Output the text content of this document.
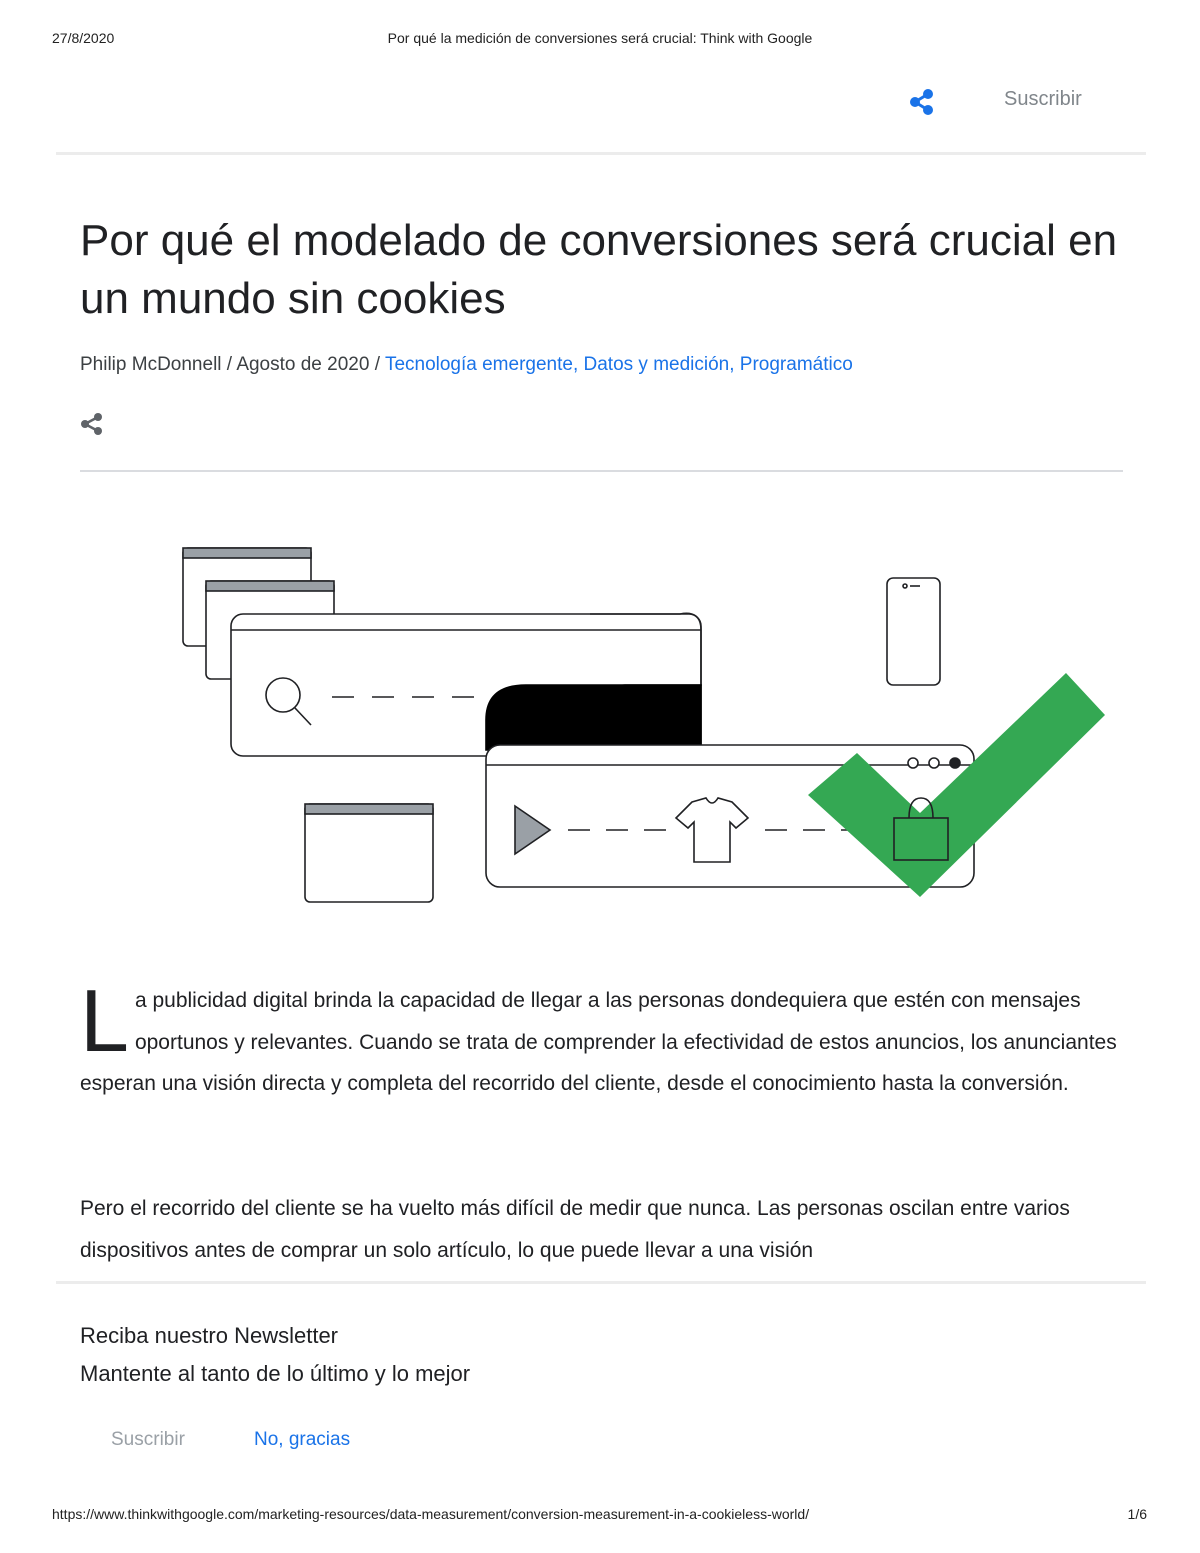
27/8/2020	Por qué la medición de conversiones será crucial: Think with Google
Suscribir
Por qué el modelado de conversiones será crucial en un mundo sin cookies
Philip McDonnell / Agosto de 2020 / Tecnología emergente, Datos y medición, Programático

La publicidad digital brinda la capacidad de llegar a las personas dondequiera que estén con mensajes oportunos y relevantes. Cuando se trata de comprender la efectividad de estos anuncios, los anunciantes esperan una visión directa y completa del recorrido del cliente, desde el conocimiento hasta la conversión.

Pero el recorrido del cliente se ha vuelto más difícil de medir que nunca. Las personas oscilan entre varios dispositivos antes de comprar un solo artículo, lo que puede llevar a una visión

Reciba nuestro Newsletter
Mantente al tanto de lo último y lo mejor
Suscribir	No, gracias
https://www.thinkwithgoogle.com/marketing-resources/data-measurement/conversion-measurement-in-a-cookieless-world/	1/6
